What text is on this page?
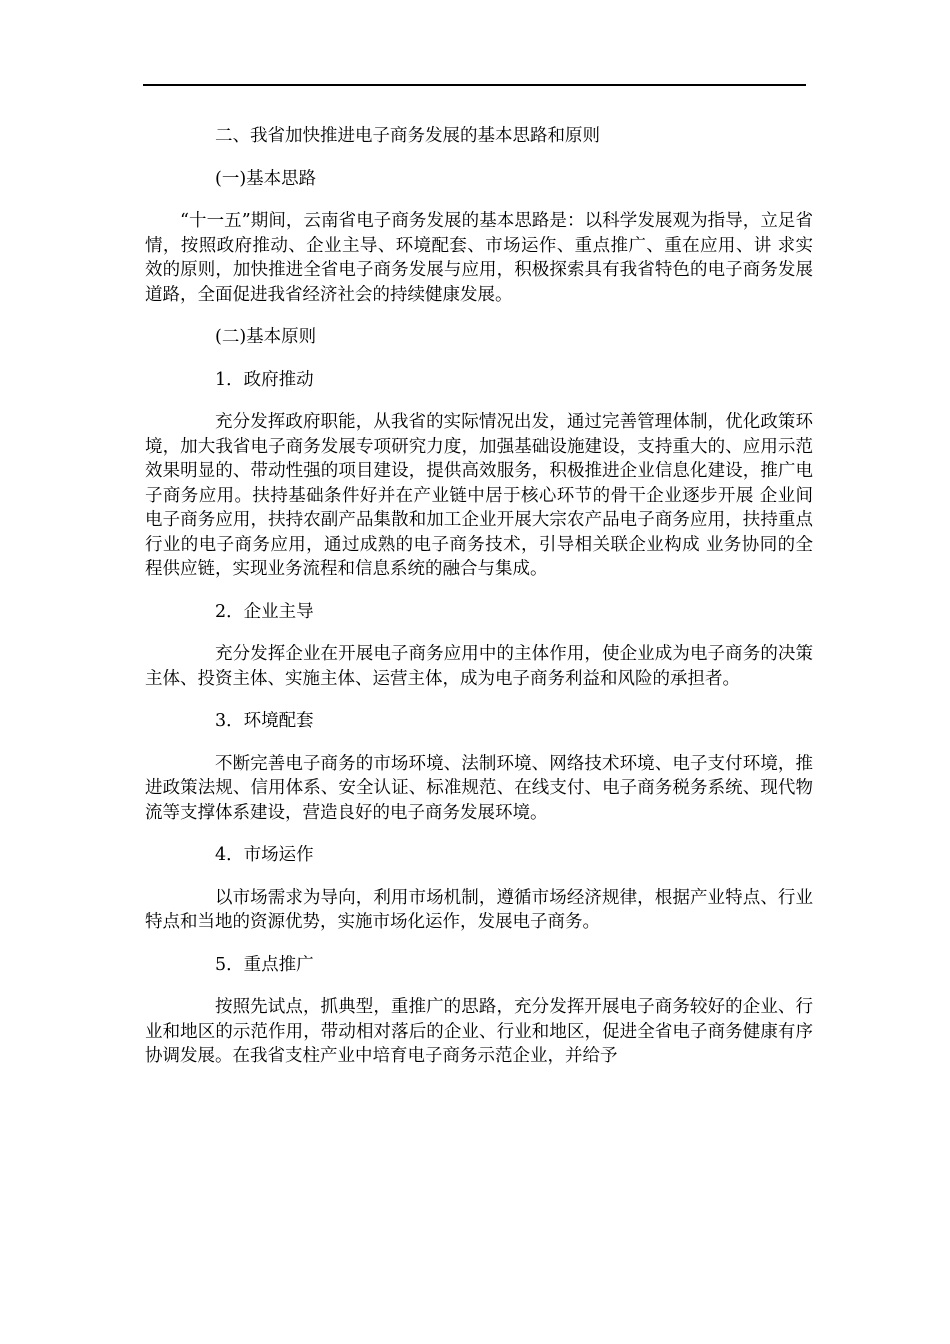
二、我省加快推进电子商务发展的基本思路和原则

(一)基本思路

“十一五”期间，云南省电子商务发展的基本思路是：以科学发展观为指导，立足省情，按照政府推动、企业主导、环境配套、市场运作、重点推广、重在应用、讲 求实效的原则，加快推进全省电子商务发展与应用，积极探索具有我省特色的电子商务发展道路，全面促进我省经济社会的持续健康发展。

(二)基本原则

1．政府推动

充分发挥政府职能，从我省的实际情况出发，通过完善管理体制，优化政策环境，加大我省电子商务发展专项研究力度，加强基础设施建设，支持重大的、应用示范 效果明显的、带动性强的项目建设，提供高效服务，积极推进企业信息化建设，推广电子商务应用。扶持基础条件好并在产业链中居于核心环节的骨干企业逐步开展 企业间电子商务应用，扶持农副产品集散和加工企业开展大宗农产品电子商务应用，扶持重点行业的电子商务应用，通过成熟的电子商务技术，引导相关联企业构成 业务协同的全程供应链，实现业务流程和信息系统的融合与集成。

2．企业主导

充分发挥企业在开展电子商务应用中的主体作用，使企业成为电子商务的决策主体、投资主体、实施主体、运营主体，成为电子商务利益和风险的承担者。

3．环境配套

不断完善电子商务的市场环境、法制环境、网络技术环境、电子支付环境，推进政策法规、信用体系、安全认证、标准规范、在线支付、电子商务税务系统、现代物流等支撑体系建设，营造良好的电子商务发展环境。

4．市场运作

以市场需求为导向，利用市场机制，遵循市场经济规律，根据产业特点、行业特点和当地的资源优势，实施市场化运作，发展电子商务。

5．重点推广

按照先试点，抓典型，重推广的思路，充分发挥开展电子商务较好的企业、行业和地区的示范作用，带动相对落后的企业、行业和地区，促进全省电子商务健康有序 协调发展。在我省支柱产业中培育电子商务示范企业，并给予
